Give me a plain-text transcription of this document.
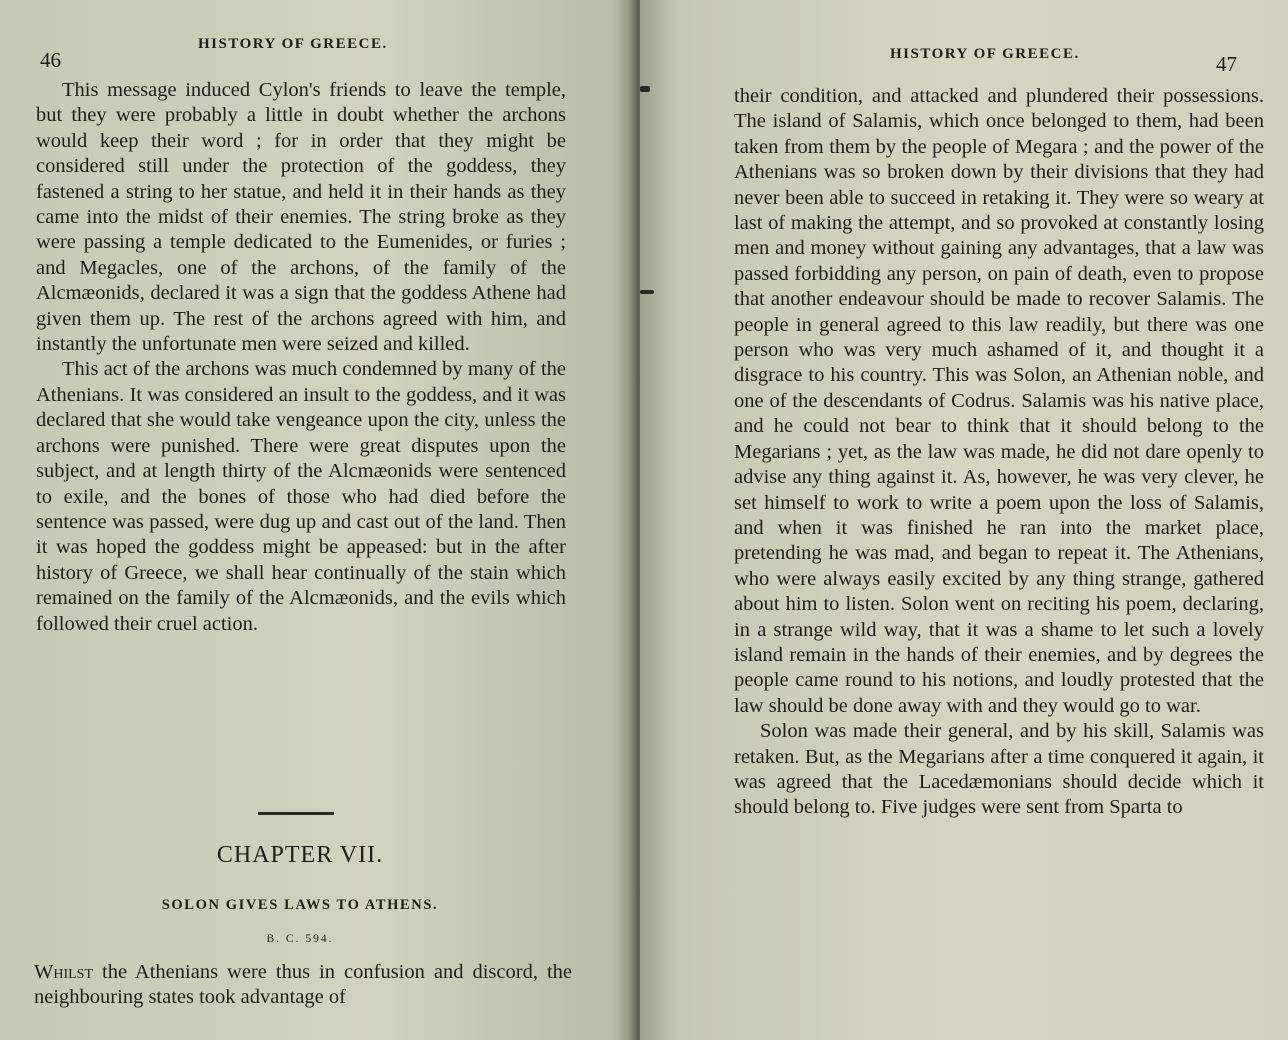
46
HISTORY OF GREECE.

This message induced Cylon's friends to leave the temple, but they were probably a little in doubt whether the archons would keep their word ; for in order that they might be considered still under the protection of the goddess, they fastened a string to her statue, and held it in their hands as they came into the midst of their enemies. The string broke as they were passing a temple dedicated to the Eumenides, or furies ; and Megacles, one of the archons, of the family of the Alcmæonids, declared it was a sign that the goddess Athene had given them up. The rest of the archons agreed with him, and instantly the unfortunate men were seized and killed.

This act of the archons was much condemned by many of the Athenians. It was considered an insult to the goddess, and it was declared that she would take vengeance upon the city, unless the archons were punished. There were great disputes upon the subject, and at length thirty of the Alcmæonids were sentenced to exile, and the bones of those who had died before the sentence was passed, were dug up and cast out of the land. Then it was hoped the goddess might be appeased: but in the after history of Greece, we shall hear continually of the stain which remained on the family of the Alcmæonids, and the evils which followed their cruel action.

CHAPTER VII.
SOLON GIVES LAWS TO ATHENS.
B. C. 594.

Whilst the Athenians were thus in confusion and discord, the neighbouring states took advantage of

HISTORY OF GREECE.	47

their condition, and attacked and plundered their possessions. The island of Salamis, which once belonged to them, had been taken from them by the people of Megara ; and the power of the Athenians was so broken down by their divisions that they had never been able to succeed in retaking it. They were so weary at last of making the attempt, and so provoked at constantly losing men and money without gaining any advantages, that a law was passed forbidding any person, on pain of death, even to propose that another endeavour should be made to recover Salamis. The people in general agreed to this law readily, but there was one person who was very much ashamed of it, and thought it a disgrace to his country. This was Solon, an Athenian noble, and one of the descendants of Codrus. Salamis was his native place, and he could not bear to think that it should belong to the Megarians ; yet, as the law was made, he did not dare openly to advise any thing against it. As, however, he was very clever, he set himself to work to write a poem upon the loss of Salamis, and when it was finished he ran into the market place, pretending he was mad, and began to repeat it. The Athenians, who were always easily excited by any thing strange, gathered about him to listen. Solon went on reciting his poem, declaring, in a strange wild way, that it was a shame to let such a lovely island remain in the hands of their enemies, and by degrees the people came round to his notions, and loudly protested that the law should be done away with and they would go to war.

Solon was made their general, and by his skill, Salamis was retaken. But, as the Megarians after a time conquered it again, it was agreed that the Lacedæmonians should decide which it should belong to. Five judges were sent from Sparta to
